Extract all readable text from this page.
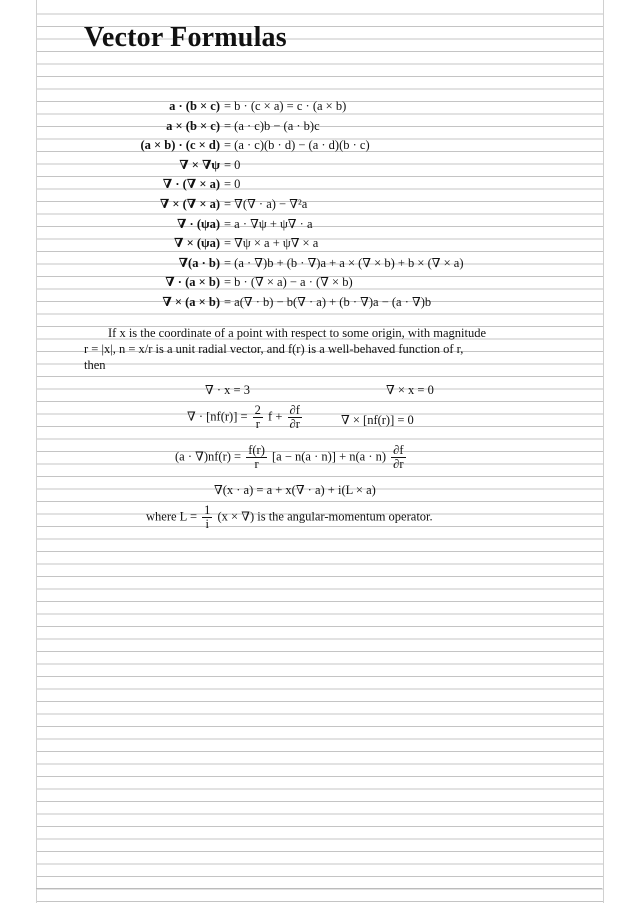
Vector Formulas
a · (b × c) = b · (c × a) = c · (a × b)
a × (b × c) = (a · c)b − (a · b)c
(a × b) · (c × d) = (a · c)(b · d) − (a · d)(b · c)
∇ × ∇ψ = 0
∇ · (∇ × a) = 0
∇ × (∇ × a) = ∇(∇ · a) − ∇²a
∇ · (ψa) = a · ∇ψ + ψ∇ · a
∇ × (ψa) = ∇ψ × a + ψ∇ × a
∇(a · b) = (a · ∇)b + (b · ∇)a + a × (∇ × b) + b × (∇ × a)
∇ · (a × b) = b · (∇ × a) − a · (∇ × b)
∇ × (a × b) = a(∇ · b) − b(∇ · a) + (b · ∇)a − (a · ∇)b
If x is the coordinate of a point with respect to some origin, with magnitude
r = |x|, n = x/r is a unit radial vector, and f(r) is a well-behaved function of r,
then
∇ · x = 3	∇ × x = 0
∇ · $[nf(r)] = \frac{2}{r}$ $f + \frac{\partial f}{\partial r}$	∇ × [nf(r)] = 0
$(a \cdot \nabla)nf(r) = \frac{f(r)}{r} [a - n(a \cdot n)] + n(a \cdot n) \frac{\partial f}{\partial r}$
∇(x · a) = a + x(∇ · a) + i(L × a)
where $L = \frac{1}{i} (x$ × ∇) is the angular-momentum operator.
